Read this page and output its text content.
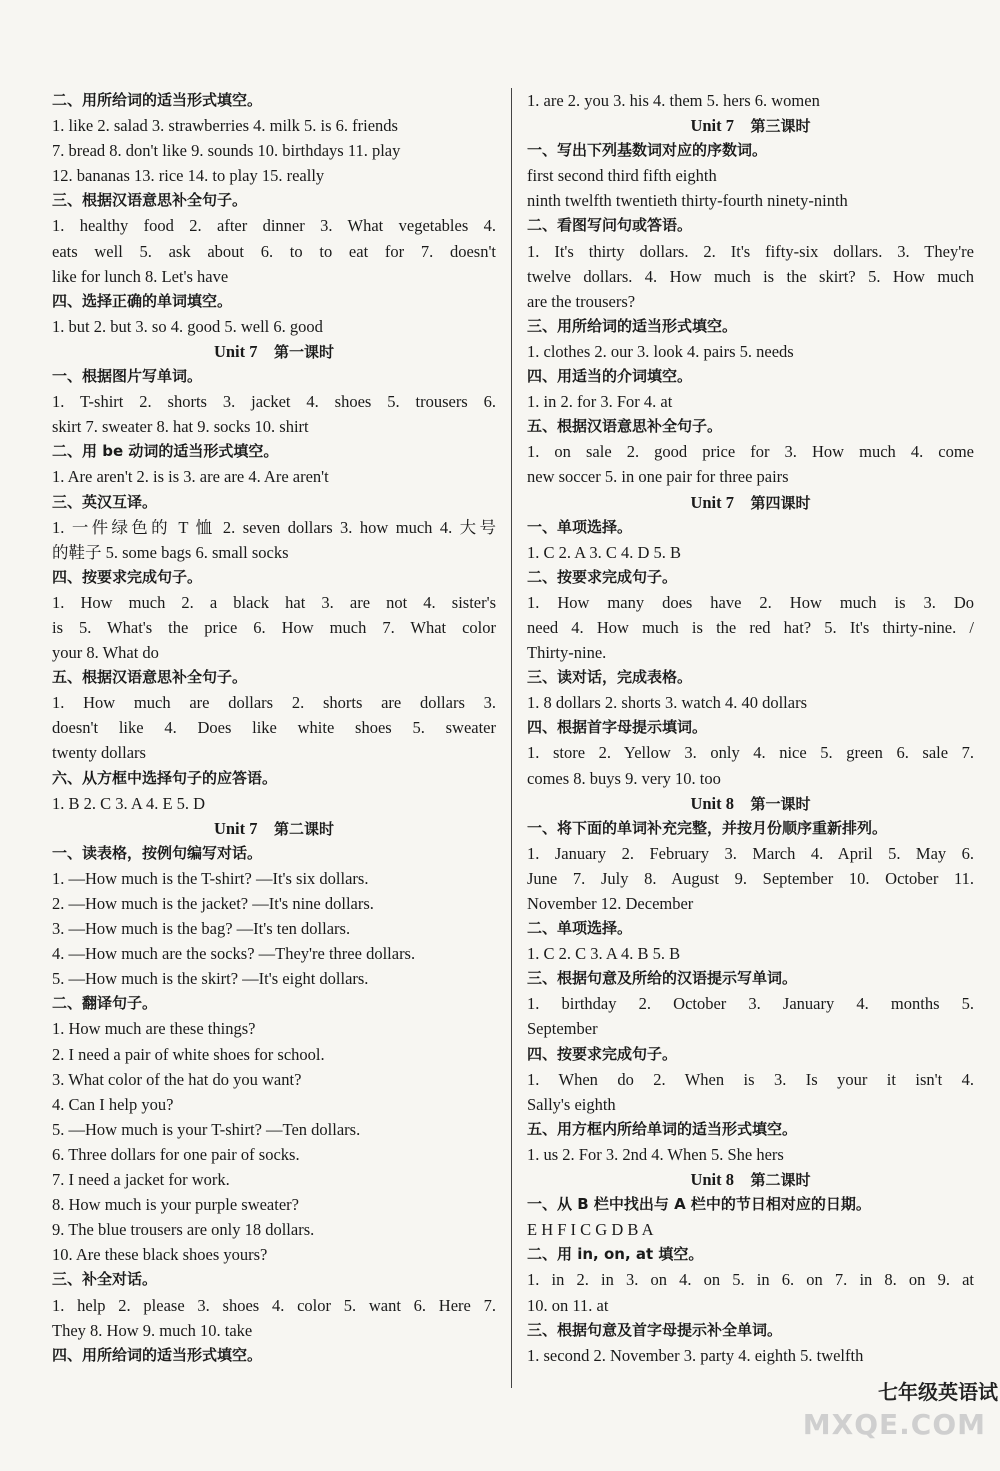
二、用所给词的适当形式填空。
1. like 2. salad 3. strawberries 4. milk 5. is 6. friends
7. bread 8. don't like 9. sounds 10. birthdays 11. play
12. bananas 13. rice 14. to play 15. really
三、根据汉语意思补全句子。
1. healthy food 2. after dinner 3. What vegetables 4.
eats well 5. ask about 6. to to eat for 7. doesn't
like for lunch 8. Let's have
四、选择正确的单词填空。
1. but 2. but 3. so 4. good 5. well 6. good
Unit 7  第一课时
一、根据图片写单词。
1. T-shirt 2. shorts 3. jacket 4. shoes 5. trousers 6.
skirt 7. sweater 8. hat 9. socks 10. shirt
二、用 be 动词的适当形式填空。
1. Are aren't 2. is is 3. are are 4. Are aren't
三、英汉互译。
1. 一件绿色的 T 恤 2. seven dollars 3. how much 4. 大号
的鞋子 5. some bags 6. small socks
四、按要求完成句子。
1. How much 2. a black hat 3. are not 4. sister's
is 5. What's the price 6. How much 7. What color
your 8. What do
五、根据汉语意思补全句子。
1. How much are dollars 2. shorts are dollars 3.
doesn't like 4. Does like white shoes 5. sweater
twenty dollars
六、从方框中选择句子的应答语。
1. B 2. C 3. A 4. E 5. D
Unit 7  第二课时
一、读表格，按例句编写对话。
1. —How much is the T-shirt? —It's six dollars.
2. —How much is the jacket? —It's nine dollars.
3. —How much is the bag? —It's ten dollars.
4. —How much are the socks? —They're three dollars.
5. —How much is the skirt? —It's eight dollars.
二、翻译句子。
1. How much are these things?
2. I need a pair of white shoes for school.
3. What color of the hat do you want?
4. Can I help you?
5. —How much is your T-shirt? —Ten dollars.
6. Three dollars for one pair of socks.
7. I need a jacket for work.
8. How much is your purple sweater?
9. The blue trousers are only 18 dollars.
10. Are these black shoes yours?
三、补全对话。
1. help 2. please 3. shoes 4. color 5. want 6. Here 7.
They 8. How 9. much 10. take
四、用所给词的适当形式填空。
1. are 2. you 3. his 4. them 5. hers 6. women
Unit 7  第三课时
一、写出下列基数词对应的序数词。
first second third fifth eighth
ninth twelfth twentieth thirty-fourth ninety-ninth
二、看图写问句或答语。
1. It's thirty dollars. 2. It's fifty-six dollars. 3. They're
twelve dollars. 4. How much is the skirt? 5. How much
are the trousers?
三、用所给词的适当形式填空。
1. clothes 2. our 3. look 4. pairs 5. needs
四、用适当的介词填空。
1. in 2. for 3. For 4. at
五、根据汉语意思补全句子。
1. on sale 2. good price for 3. How much 4. come
new soccer 5. in one pair for three pairs
Unit 7  第四课时
一、单项选择。
1. C 2. A 3. C 4. D 5. B
二、按要求完成句子。
1. How many does have 2. How much is 3. Do
need 4. How much is the red hat? 5. It's thirty-nine. /
Thirty-nine.
三、读对话，完成表格。
1. 8 dollars 2. shorts 3. watch 4. 40 dollars
四、根据首字母提示填词。
1. store 2. Yellow 3. only 4. nice 5. green 6. sale 7.
comes 8. buys 9. very 10. too
Unit 8  第一课时
一、将下面的单词补充完整，并按月份顺序重新排列。
1. January 2. February 3. March 4. April 5. May 6.
June 7. July 8. August 9. September 10. October 11.
November 12. December
二、单项选择。
1. C 2. C 3. A 4. B 5. B
三、根据句意及所给的汉语提示写单词。
1. birthday 2. October 3. January 4. months 5.
September
四、按要求完成句子。
1. When do 2. When is 3. Is your it isn't 4.
Sally's eighth
五、用方框内所给单词的适当形式填空。
1. us 2. For 3. 2nd 4. When 5. She hers
Unit 8  第二课时
一、从 B 栏中找出与 A 栏中的节日相对应的日期。
E H F I C G D B A
二、用 in, on, at 填空。
1. in 2. in 3. on 4. on 5. in 6. on 7. in 8. on 9. at
10. on 11. at
三、根据句意及首字母提示补全单词。
1. second 2. November 3. party 4. eighth 5. twelfth
七年级英语试
MXQE.COM
